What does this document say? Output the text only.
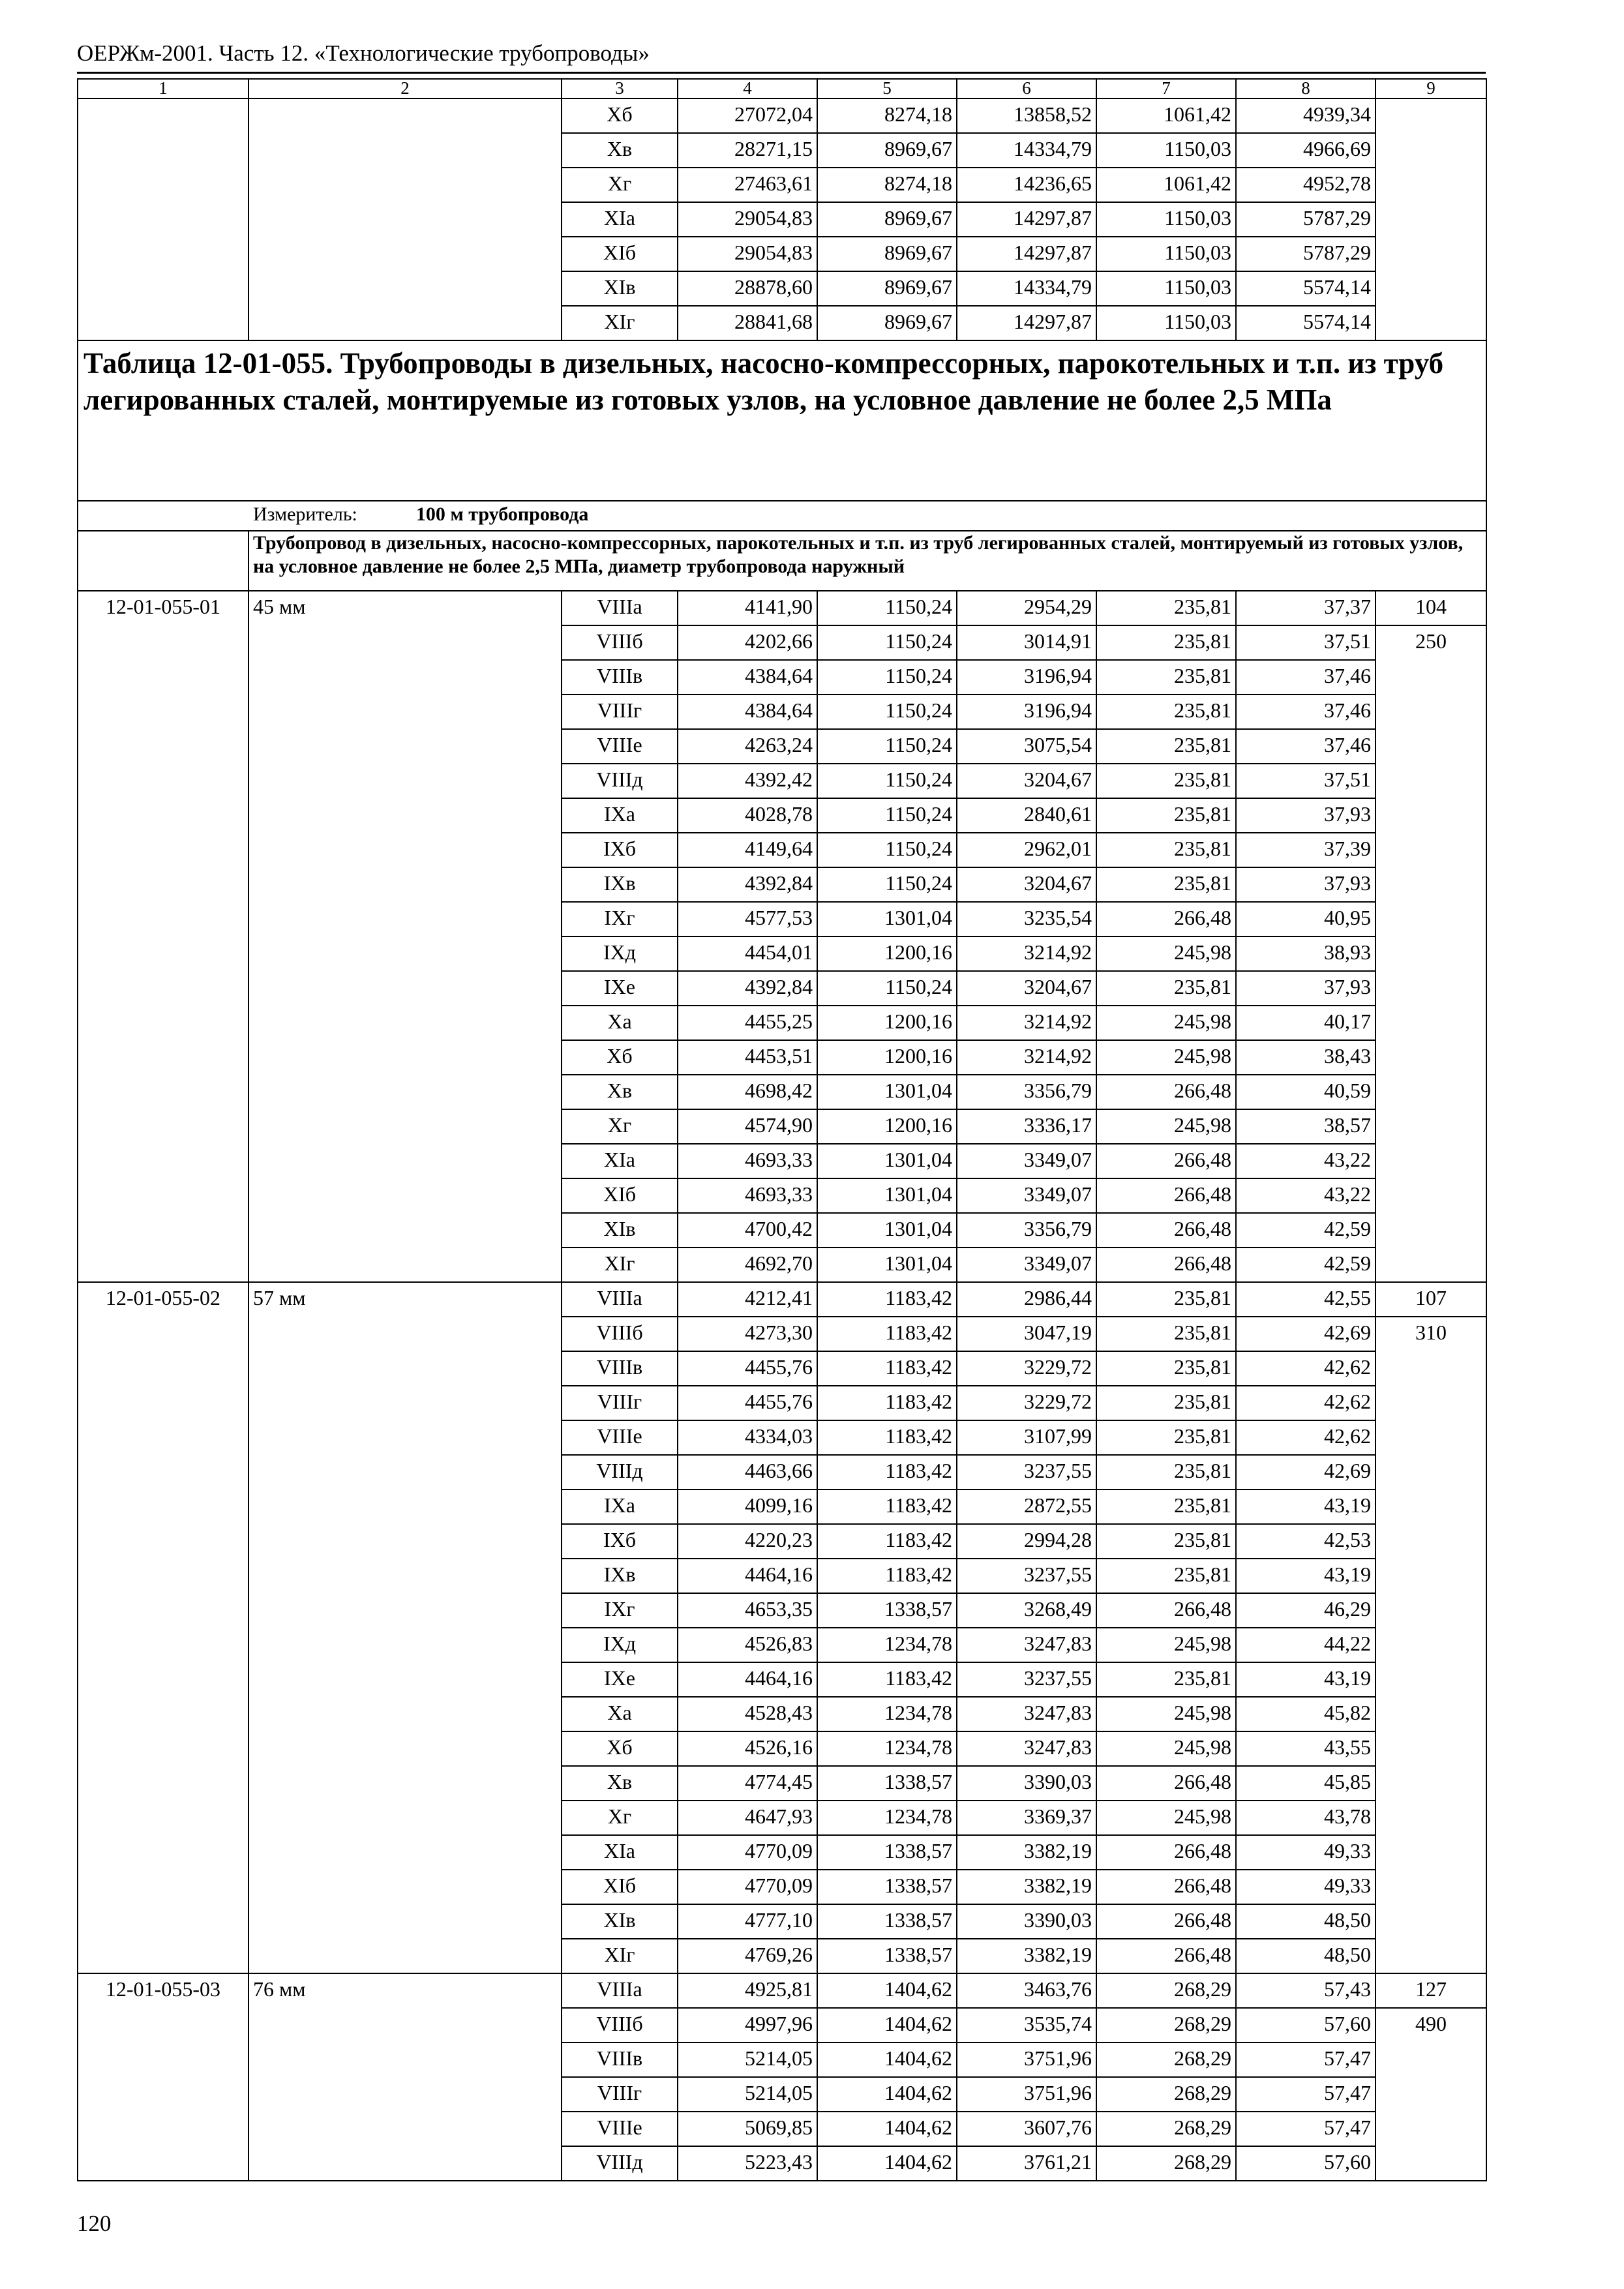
ОЕРЖм-2001. Часть 12. «Технологические трубопроводы»
1	2	3	4	5	6	7	8	9
		Хб	27072,04	8274,18	13858,52	1061,42	4939,34	
		Хв	28271,15	8969,67	14334,79	1150,03	4966,69	
		Хг	27463,61	8274,18	14236,65	1061,42	4952,78	
		ХIа	29054,83	8969,67	14297,87	1150,03	5787,29	
		ХIб	29054,83	8969,67	14297,87	1150,03	5787,29	
		ХIв	28878,60	8969,67	14334,79	1150,03	5574,14	
		ХIг	28841,68	8969,67	14297,87	1150,03	5574,14	
Таблица 12-01-055. Трубопроводы в дизельных, насосно-компрессорных, парокотельных и т.п. из труб легированных сталей, монтируемые из готовых узлов, на условное давление не более 2,5 МПа								
Измеритель: 100 м трубопровода								
	Трубопровод в дизельных, насосно-компрессорных, парокотельных и т.п. из труб легированных сталей, монтируемый из готовых узлов, на условное давление не более 2,5 МПа, диаметр трубопровода наружный							
12-01-055-01	45 мм	VIIIа	4141,90	1150,24	2954,29	235,81	37,37	104
		VIIIб	4202,66	1150,24	3014,91	235,81	37,51	250
		VIIIв	4384,64	1150,24	3196,94	235,81	37,46	
		VIIIг	4384,64	1150,24	3196,94	235,81	37,46	
		VIIIе	4263,24	1150,24	3075,54	235,81	37,46	
		VIIIд	4392,42	1150,24	3204,67	235,81	37,51	
		IXа	4028,78	1150,24	2840,61	235,81	37,93	
		IXб	4149,64	1150,24	2962,01	235,81	37,39	
		IXв	4392,84	1150,24	3204,67	235,81	37,93	
		IXг	4577,53	1301,04	3235,54	266,48	40,95	
		IXд	4454,01	1200,16	3214,92	245,98	38,93	
		IXе	4392,84	1150,24	3204,67	235,81	37,93	
		Ха	4455,25	1200,16	3214,92	245,98	40,17	
		Хб	4453,51	1200,16	3214,92	245,98	38,43	
		Хв	4698,42	1301,04	3356,79	266,48	40,59	
		Хг	4574,90	1200,16	3336,17	245,98	38,57	
		ХIа	4693,33	1301,04	3349,07	266,48	43,22	
		ХIб	4693,33	1301,04	3349,07	266,48	43,22	
		ХIв	4700,42	1301,04	3356,79	266,48	42,59	
		ХIг	4692,70	1301,04	3349,07	266,48	42,59	
12-01-055-02	57 мм	VIIIа	4212,41	1183,42	2986,44	235,81	42,55	107
		VIIIб	4273,30	1183,42	3047,19	235,81	42,69	310
		VIIIв	4455,76	1183,42	3229,72	235,81	42,62	
		VIIIг	4455,76	1183,42	3229,72	235,81	42,62	
		VIIIе	4334,03	1183,42	3107,99	235,81	42,62	
		VIIIд	4463,66	1183,42	3237,55	235,81	42,69	
		IXа	4099,16	1183,42	2872,55	235,81	43,19	
		IXб	4220,23	1183,42	2994,28	235,81	42,53	
		IXв	4464,16	1183,42	3237,55	235,81	43,19	
		IXг	4653,35	1338,57	3268,49	266,48	46,29	
		IXд	4526,83	1234,78	3247,83	245,98	44,22	
		IXе	4464,16	1183,42	3237,55	235,81	43,19	
		Ха	4528,43	1234,78	3247,83	245,98	45,82	
		Хб	4526,16	1234,78	3247,83	245,98	43,55	
		Хв	4774,45	1338,57	3390,03	266,48	45,85	
		Хг	4647,93	1234,78	3369,37	245,98	43,78	
		ХIа	4770,09	1338,57	3382,19	266,48	49,33	
		ХIб	4770,09	1338,57	3382,19	266,48	49,33	
		ХIв	4777,10	1338,57	3390,03	266,48	48,50	
		ХIг	4769,26	1338,57	3382,19	266,48	48,50	
12-01-055-03	76 мм	VIIIа	4925,81	1404,62	3463,76	268,29	57,43	127
		VIIIб	4997,96	1404,62	3535,74	268,29	57,60	490
		VIIIв	5214,05	1404,62	3751,96	268,29	57,47	
		VIIIг	5214,05	1404,62	3751,96	268,29	57,47	
		VIIIе	5069,85	1404,62	3607,76	268,29	57,47	
		VIIIд	5223,43	1404,62	3761,21	268,29	57,60	
120
